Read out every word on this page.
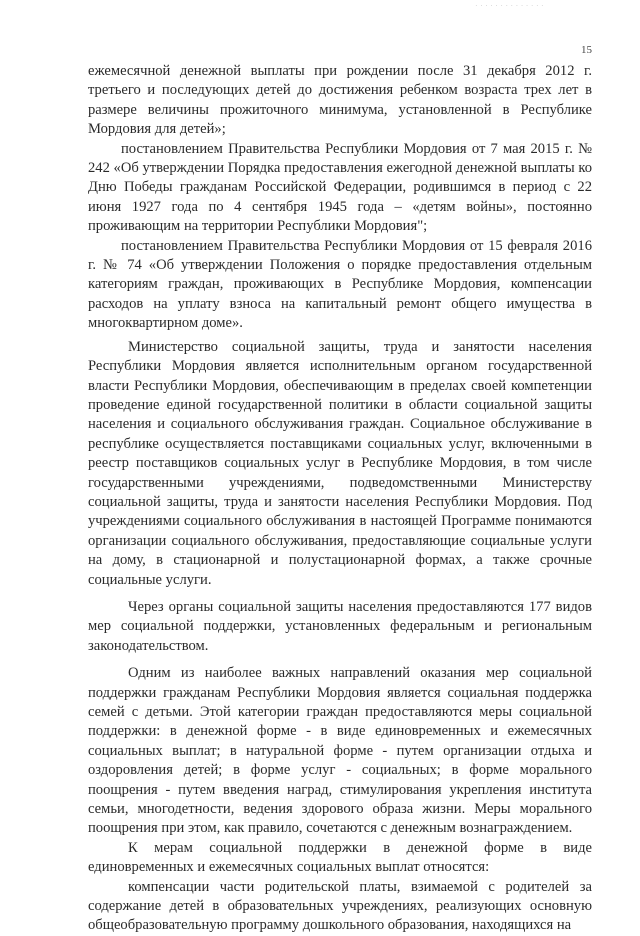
· · · · · · · · · · · · · ·
15

ежемесячной денежной выплаты при рождении после 31 декабря 2012 г. третьего и последующих детей до достижения ребенком возраста трех лет в размере величины прожиточного минимума, установленной в Республике Мордовия для детей»;

постановлением Правительства Республики Мордовия от 7 мая 2015 г. № 242 «Об утверждении Порядка предоставления ежегодной денежной выплаты ко Дню Победы гражданам Российской Федерации, родившимся в период с 22 июня 1927 года по 4 сентября 1945 года – «детям войны», постоянно проживающим на территории Республики Мордовия";

постановлением Правительства Республики Мордовия от 15 февраля 2016 г. № 74 «Об утверждении Положения о порядке предоставления отдельным категориям граждан, проживающих в Республике Мордовия, компенсации расходов на уплату взноса на капитальный ремонт общего имущества в многоквартирном доме».

Министерство социальной защиты, труда и занятости населения Республики Мордовия является исполнительным органом государственной власти Республики Мордовия, обеспечивающим в пределах своей компетенции проведение единой государственной политики в области социальной защиты населения и социального обслуживания граждан. Социальное обслуживание в республике осуществляется поставщиками социальных услуг, включенными в реестр поставщиков социальных услуг в Республике Мордовия, в том числе государственными учреждениями, подведомственными Министерству социальной защиты, труда и занятости населения Республики Мордовия. Под учреждениями социального обслуживания в настоящей Программе понимаются организации социального обслуживания, предоставляющие социальные услуги на дому, в стационарной и полустационарной формах, а также срочные социальные услуги.

Через органы социальной защиты населения предоставляются 177 видов мер социальной поддержки, установленных федеральным и региональным законодательством.

Одним из наиболее важных направлений оказания мер социальной поддержки гражданам Республики Мордовия является социальная поддержка семей с детьми. Этой категории граждан предоставляются меры социальной поддержки: в денежной форме - в виде единовременных и ежемесячных социальных выплат; в натуральной форме - путем организации отдыха и оздоровления детей; в форме услуг - социальных; в форме морального поощрения - путем введения наград, стимулирования укрепления института семьи, многодетности, ведения здорового образа жизни. Меры морального поощрения при этом, как правило, сочетаются с денежным вознаграждением.

К мерам социальной поддержки в денежной форме в виде единовременных и ежемесячных социальных выплат относятся:

компенсации части родительской платы, взимаемой с родителей за содержание детей в образовательных учреждениях, реализующих основную общеобразовательную программу дошкольного образования, находящихся на
